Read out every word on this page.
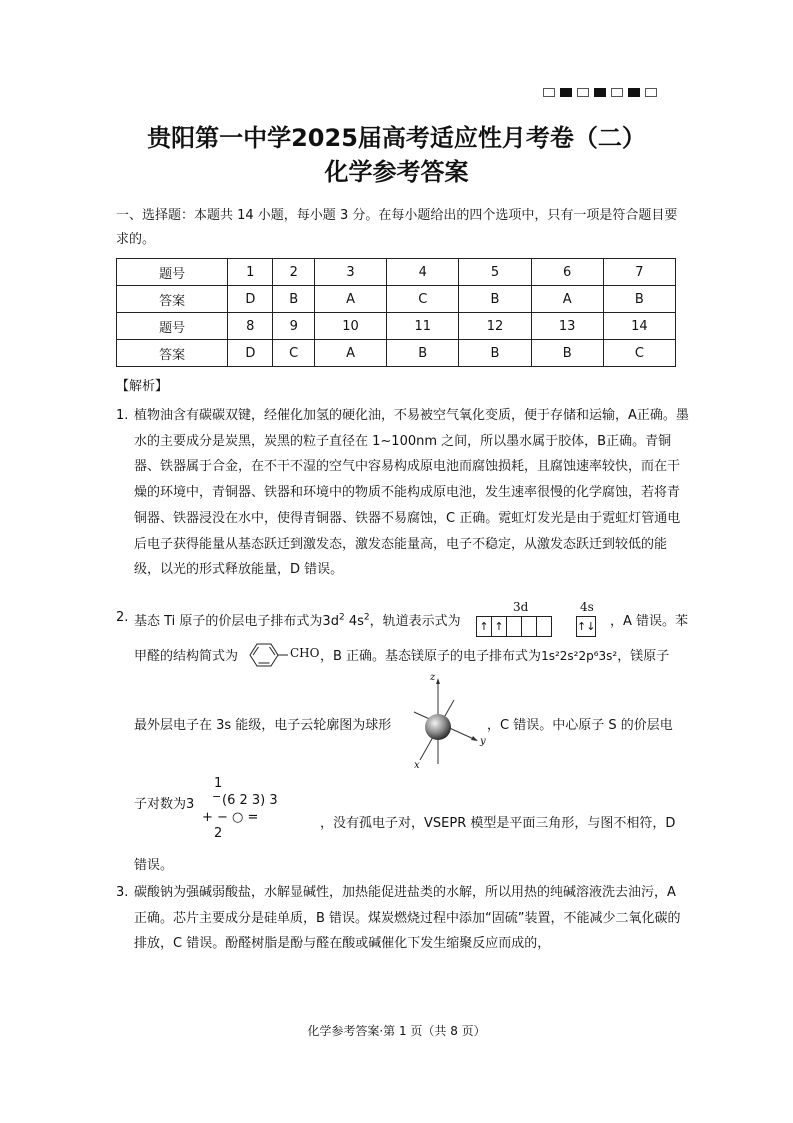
贵阳第一中学2025届高考适应性月考卷（二）
化学参考答案
一、选择题：本题共 14 小题，每小题 3 分。在每小题给出的四个选项中，只有一项是符合题目要求的。
题号	1	2	3	4	5	6	7
答案	D	B	A	C	B	A	B
题号	8	9	10	11	12	13	14
答案	D	C	A	B	B	B	C
【解析】
1. 植物油含有碳碳双键，经催化加氢的硬化油，不易被空气氧化变质，便于存储和运输，A正确。墨水的主要成分是炭黑，炭黑的粒子直径在 1~100nm 之间，所以墨水属于胶体，B正确。青铜器、铁器属于合金，在不干不湿的空气中容易构成原电池而腐蚀损耗，且腐蚀速率较快，而在干燥的环境中，青铜器、铁器和环境中的物质不能构成原电池，发生速率很慢的化学腐蚀，若将青铜器、铁器浸没在水中，使得青铜器、铁器不易腐蚀，C 正确。霓虹灯发光是由于霓虹灯管通电后电子获得能量从基态跃迁到激发态，激发态能量高，电子不稳定，从激发态跃迁到较低的能级，以光的形式释放能量，D 错误。
2. 基态 Ti 原子的价层电子排布式为$3d^2$ $4s^2$，轨道表示式为
3d	4s
↑ ↑	↑↓ ，A 错误。苯
甲醛的结构简式为	CHO ，B 正确。基态镁原子的电子排布式为1s²2s²2p⁶3s²，镁原子
最外层电子在 3s 能级，电子云轮廓图为球形
z
y
x
，C 错误。中心原子 S 的价层电
子对数为3
1
− (6 2 3) 3
+ − ○ =
2
，没有孤电子对，VSEPR 模型是平面三角形，与图不相符，D
错误。
3. 碳酸钠为强碱弱酸盐，水解显碱性，加热能促进盐类的水解，所以用热的纯碱溶液洗去油污，A 正确。芯片主要成分是硅单质，B 错误。煤炭燃烧过程中添加“固硫”装置，不能减少二氧化碳的排放，C 错误。酚醛树脂是酚与醛在酸或碱催化下发生缩聚反应而成的，
化学参考答案·第 1 页（共 8 页）
